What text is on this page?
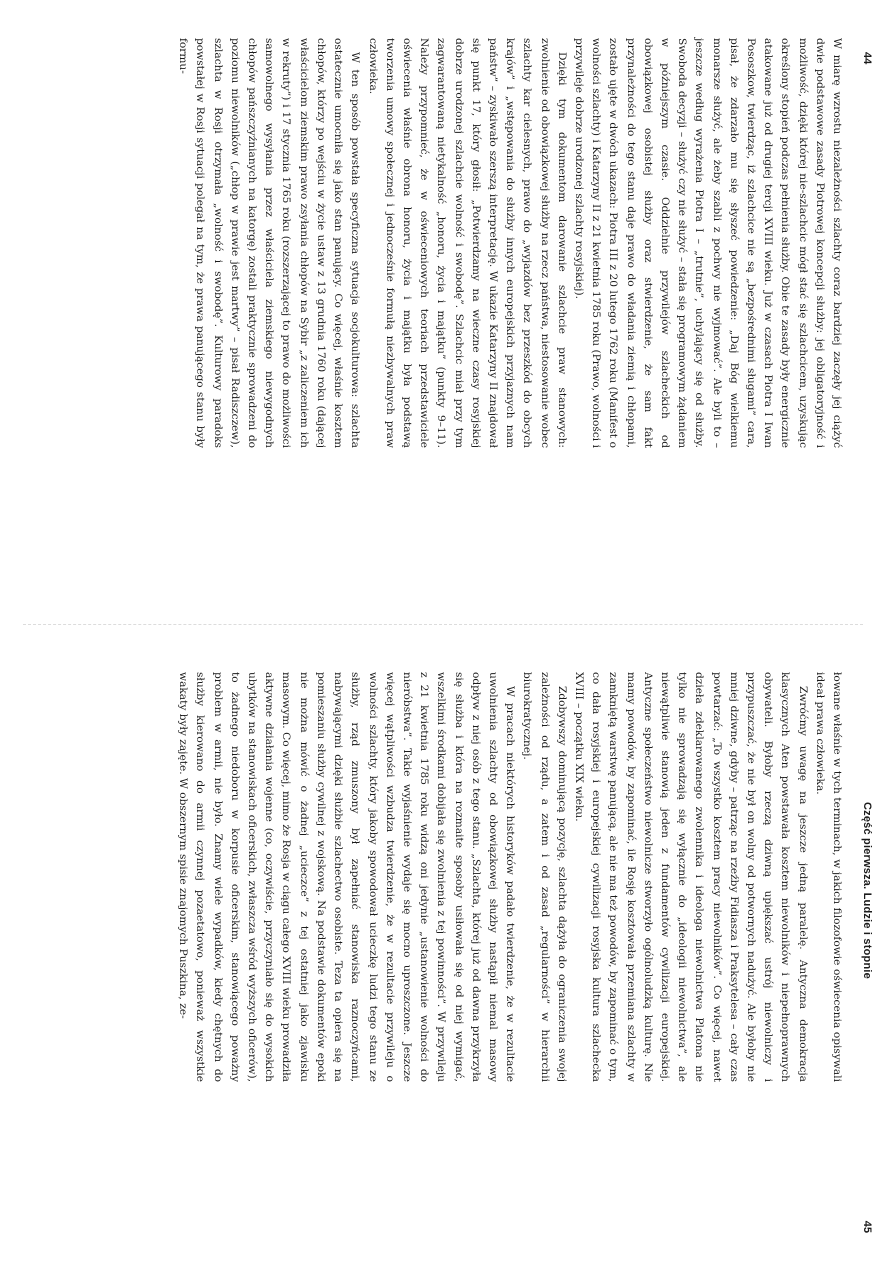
44

W miarę wzrostu niezależności szlachty coraz bardziej zaczęły jej ciążyć dwie podstawowe zasady Piotrowej koncepcji służby: jej obligatoryjność i możliwość, dzięki której nie-szlachcic mógł stać się szlachcicem, uzyskując określony stopień podczas pełnienia służby. Obie te zasady były energicznie atakowane już od drugiej tercji XVIII wieku. Już w czasach Piotra I Iwan Pososzkow, twierdząc, iż szlachcice nie są „bezpośrednimi sługami” cara, pisał, że zdarzało mu się słyszeć powiedzenie: „Daj Bóg wielkiemu monarsze służyć, ale żeby szabli z pochwy nie wyjmować”. Ale byli to – jeszcze według wyrażenia Piotra I – „trutnie”, uchylający się od służby. Swoboda decyzji – służyć czy nie służyć – stała się programowym żądaniem w późniejszym czasie. Oddzielnie przywilejów szlacheckich od obowiązkowej osobistej służby oraz stwierdzenie, że sam fakt przynależności do tego stanu daje prawo do władania ziemią i chłopami, zostało ujęte w dwóch ukazach: Piotra III z 20 lutego 1762 roku (Manifest o wolności szlachty) i Katarzyny II z 21 kwietnia 1785 roku (Prawo, wolności i przywileje dobrze urodzonej szlachty rosyjskiej).

Dzięki tym dokumentom darowanie szlachcie praw stanowych: zwolnienie od obowiązkowej służby na rzecz państwa, niestosowanie wobec szlachty kar cielesnych, prawo do „wyjazdów bez przeszkód do obcych krajów” i „wstępowania do służby innych europejskich przyjaznych nam państw” – zyskiwało szerszą interpretację. W ukazie Katarzyny II znajdował się punkt 17, który głosił: „Potwierdzamy na wieczne czasy rosyjskiej dobrze urodzonej szlachcie wolność i swobodę”. Szlachcic miał przy tym zagwarantowaną nietykalność „honoru, życia i majątku” (punkty 9–11). Należy przypomnieć, że w oświeceniowych teoriach przedstawiciele oświecenia właśnie obrona honoru, życia i majątku była podstawą tworzenia umowy społecznej i jednocześnie formułą niezbywalnych praw człowieka.

W ten sposób powstała specyficzna sytuacja socjokulturowa: szlachta ostatecznie umocniła się jako stan panujący. Co więcej, właśnie kosztem chłopów, którzy po wejściu w życie ustaw z 13 grudnia 1760 roku (dającej właścicielom ziemskim prawo zsyłania chłopów na Sybir „z zaliczeniem ich w rekruty”) i 17 stycznia 1765 roku (rozszerzającej to prawo do możliwości samowolnego wysyłania przez właściciela ziemskiego niewygodnych chłopów pańszczyźnianych na katorgę) zostali praktycznie sprowadzeni do poziomu niewolników („chłop w prawie jest martwy” – pisał Radiszczew), szlachta w Rosji otrzymała „wolność i swobodę”. Kulturowy paradoks powstałej w Rosji sytuacji polegał na tym, że prawa panującego stanu były formu-

Część pierwsza. Ludzie i stopnie
45

łowane właśnie w tych terminach, w jakich filozofowie oświecenia opisywali ideał prawa człowieka.

Zwróćmy uwagę na jeszcze jedną paralelę. Antyczna demokracja klasycznych Aten powstawała kosztem niewolników i niepełnoprawnych obywateli. Byłoby rzeczą dziwną upiększać ustrój niewolniczy i przypuszczać, że nie był on wolny od potwornych nadużyć. Ale byłoby nie mniej dziwne, gdyby – patrząc na rzeźby Fidiasza i Praksytelesa – cały czas powtarzać: „To wszystko kosztem pracy niewolników”. Co więcej, nawet dzieła zdeklarowanego zwolennika i ideologa niewolnictwa Platona nie tylko nie sprowadzają się wyłącznie do „ideologii niewolnictwa”, ale niewątpliwie stanowią jeden z fundamentów cywilizacji europejskiej. Antyczne społeczeństwo niewolnicze stworzyło ogólnoludzką kulturę. Nie mamy powodów, by zapominać, ile Rosję kosztowała przemiana szlachty w zamkniętą warstwę panującą, ale nie ma też powodów, by zapominać o tym, co dała rosyjskiej i europejskiej cywilizacji rosyjska kultura szlachecka XVIII – początku XIX wieku.

Zdobywszy dominującą pozycję, szlachta dążyła do ograniczenia swojej zależności od rządu, a zatem i od zasad „regularności” w hierarchii biurokratycznej.

W pracach niektórych historyków padało twierdzenie, że w rezultacie uwolnienia szlachty od obowiązkowej służby nastąpił niemal masowy odpływ z niej osób z tego stanu. „Szlachta, której już od dawna przykrzyła się służba i która na rozmaite sposoby usiłowała się od niej wymigać, wszelkimi środkami dobijała się zwolnienia z tej powinności”. W przywileju z 21 kwietnia 1785 roku widzą oni jedynie „ustanowienie wolności do nieróbstwa”. Takie wyjaśnienie wydaje się mocno uproszczone. Jeszcze więcej wątpliwości wzbudza twierdzenie, że w rezultacie przywileju o wolności szlachty, który jakoby spowodował ucieczkę ludzi tego stanu ze służby, rząd zmuszony był zapełniać stanowiska raznoczyńcami, nabywającymi dzięki służbie szlachectwo osobiste. Teza ta opiera się na pomieszaniu służby cywilnej z wojskową. Na podstawie dokumentów epoki nie można mówić o żadnej „ucieczce” z tej ostatniej jako zjawisku masowym. Co więcej, mimo że Rosja w ciągu całego XVIII wieku prowadziła aktywne działania wojenne (co, oczywiście, przyczyniało się do wysokich ubytków na stanowiskach oficerskich, zwłaszcza wśród wyższych oficerów), to żadnego niedoboru w korpusie oficerskim, stanowiącego poważny problem w armii, nie było. Znamy wiele wypadków, kiedy chętnych do służby kierowano do armii czynnej pozaetatowo, ponieważ wszystkie wakaty były zajęte. W obszernym spisie znajomych Puszkina, ze-
